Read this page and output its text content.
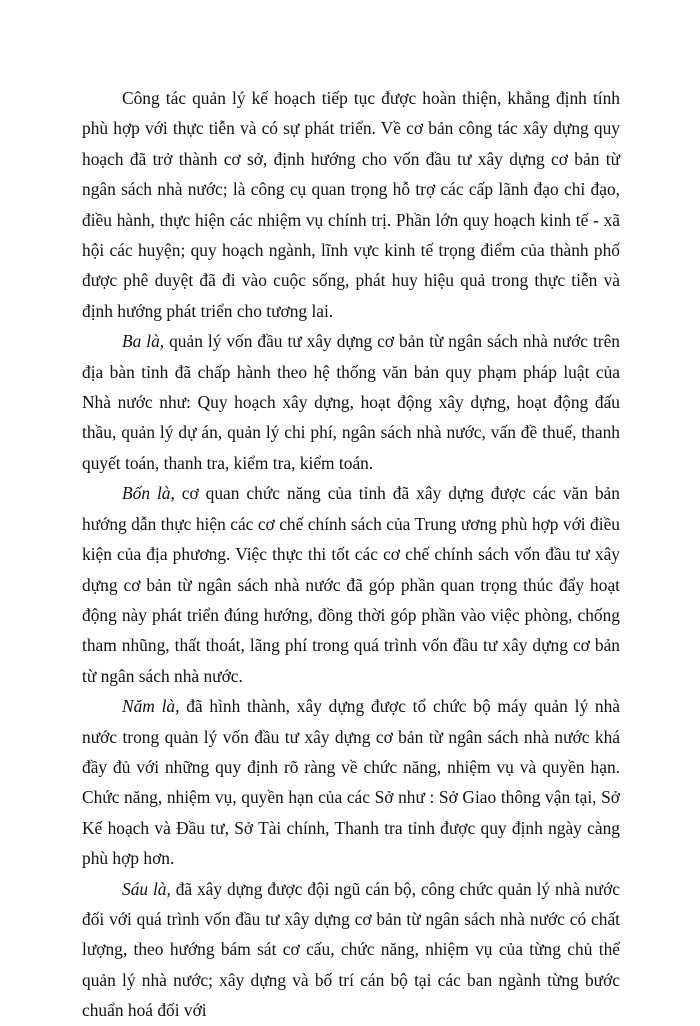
Công tác quản lý kế hoạch tiếp tục được hoàn thiện, khẳng định tính phù hợp với thực tiễn và có sự phát triển. Về cơ bản công tác xây dựng quy hoạch đã trở thành cơ sở, định hướng cho vốn đầu tư xây dựng cơ bản từ ngân sách nhà nước; là công cụ quan trọng hỗ trợ các cấp lãnh đạo chỉ đạo, điều hành, thực hiện các nhiệm vụ chính trị. Phần lớn quy hoạch kinh tế - xã hội các huyện; quy hoạch ngành, lĩnh vực kinh tế trọng điểm của thành phố được phê duyệt đã đi vào cuộc sống, phát huy hiệu quả trong thực tiễn và định hướng phát triển cho tương lai.

Ba là, quản lý vốn đầu tư xây dựng cơ bản từ ngân sách nhà nước trên địa bàn tỉnh đã chấp hành theo hệ thống văn bản quy phạm pháp luật của Nhà nước như: Quy hoạch xây dựng, hoạt động xây dựng, hoạt động đấu thầu, quản lý dự án, quản lý chi phí, ngân sách nhà nước, vấn đề thuế, thanh quyết toán, thanh tra, kiểm tra, kiểm toán.

Bốn là, cơ quan chức năng của tỉnh đã xây dựng được các văn bản hướng dẫn thực hiện các cơ chế chính sách của Trung ương phù hợp với điều kiện của địa phương. Việc thực thi tốt các cơ chế chính sách vốn đầu tư xây dựng cơ bản từ ngân sách nhà nước đã góp phần quan trọng thúc đẩy hoạt động này phát triển đúng hướng, đồng thời góp phần vào việc phòng, chống tham nhũng, thất thoát, lãng phí trong quá trình vốn đầu tư xây dựng cơ bản từ ngân sách nhà nước.

Năm là, đã hình thành, xây dựng được tổ chức bộ máy quản lý nhà nước trong quản lý vốn đầu tư xây dựng cơ bản từ ngân sách nhà nước khá đầy đủ với những quy định rõ ràng về chức năng, nhiệm vụ và quyền hạn. Chức năng, nhiệm vụ, quyền hạn của các Sở như : Sở Giao thông vận tại, Sở Kế hoạch và Đầu tư, Sở Tài chính, Thanh tra tỉnh được quy định ngày càng phù hợp hơn.

Sáu là, đã xây dựng được đội ngũ cán bộ, công chức quản lý nhà nước đối với quá trình vốn đầu tư xây dựng cơ bản từ ngân sách nhà nước có chất lượng, theo hướng bám sát cơ cấu, chức năng, nhiệm vụ của từng chủ thể quản lý nhà nước; xây dựng và bố trí cán bộ tại các ban ngành từng bước chuẩn hoá đối với
